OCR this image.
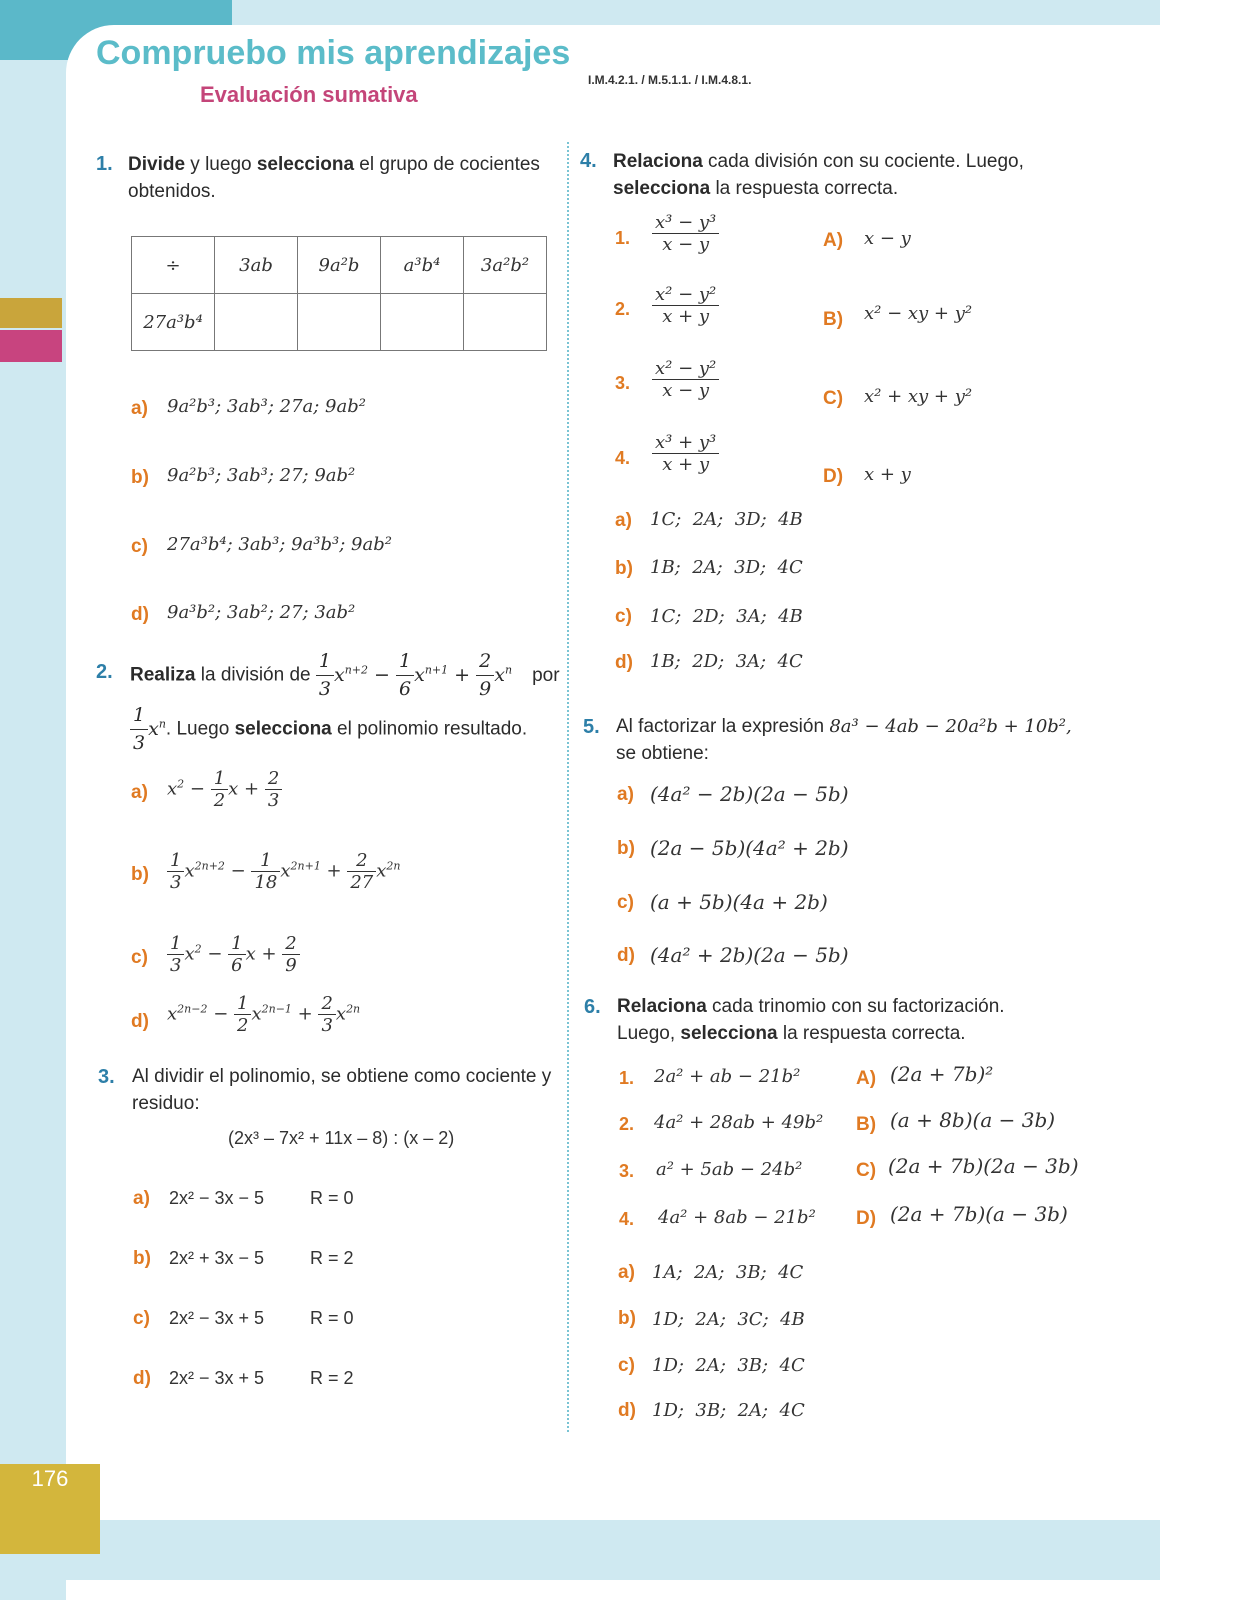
176
Compruebo mis aprendizajes
Evaluación sumativa
I.M.4.2.1. / M.5.1.1. / I.M.4.8.1.
1. Divide y luego selecciona el grupo de cocientes obtenidos.
÷	3ab	9a²b	a³b⁴	3a²b²
27a³b⁴				
a) 9a²b³; 3ab³; 27a; 9ab²
b) 9a²b³; 3ab³; 27; 9ab²
c) 27a³b⁴; 3ab³; 9a³b³; 9ab²
d) 9a³b²; 3ab²; 27; 3ab²
2. Realiza la división de $\frac{1}{3} x^{n+2} - \frac{1}{6} x^{n+1} + \frac{2}{9} x^n$ por
$\frac{1}{3} x^n$. Luego selecciona el polinomio resultado.
a) $x^2 - \frac{1}{2}$ $x + \frac{2}{3}$
$b) \frac{1}{3} x^{2n+2} - \frac{1}{18} x^{2n+1} + \frac{2}{27} x^{2n}$
$c) \frac{1}{3} x^2 - \frac{1}{6}$ $x + \frac{2}{9}$
d) $x^{2n-2} - \frac{1}{2} x^{2n-1} + \frac{2}{3} x^{2n}$
3. Al dividir el polinomio, se obtiene como cociente y residuo:
(2x³ – 7x² + 11x – 8) : (x – 2)
a) 2x² − 3x − 5	R = 0
b) 2x² + 3x − 5	R = 2
c) 2x² − 3x + 5	R = 0
d) 2x² − 3x + 5	R = 2
4. Relaciona cada división con su cociente. Luego, selecciona la respuesta correcta.
1. $\frac{\text{x³ − y³}}{x - y}$
2. $\frac{\text{x² − y²}}{x + y}$
3. $\frac{\text{x² − y²}}{x - y}$
4. $\frac{\text{x³ + y³}}{x + y}$
A) x − y
B) x² − xy + y²
C) x² + xy + y²
D) x + y
a) 1C;  2A;  3D;  4B
b) 1B;  2A;  3D;  4C
c) 1C;  2D;  3A;  4B
d) 1B;  2D;  3A;  4C
5. Al factorizar la expresión 8a³ − 4ab − 20a²b + 10b²,
se obtiene:
a) (4a² − 2b)(2a − 5b)
b) (2a − 5b)(4a² + 2b)
c) (a + 5b)(4a + 2b)
d) (4a² + 2b)(2a − 5b)
6. Relaciona cada trinomio con su factorización. Luego, selecciona la respuesta correcta.
1. 2a² + ab − 21b²
2. 4a² + 28ab + 49b²
3. a² + 5ab − 24b²
4. 4a² + 8ab − 21b²
A) (2a + 7b)²
B) (a + 8b)(a − 3b)
C) (2a + 7b)(2a − 3b)
D) (2a + 7b)(a − 3b)
a) 1A;  2A;  3B;  4C
b) 1D;  2A;  3C;  4B
c) 1D;  2A;  3B;  4C
d) 1D;  3B;  2A;  4C
